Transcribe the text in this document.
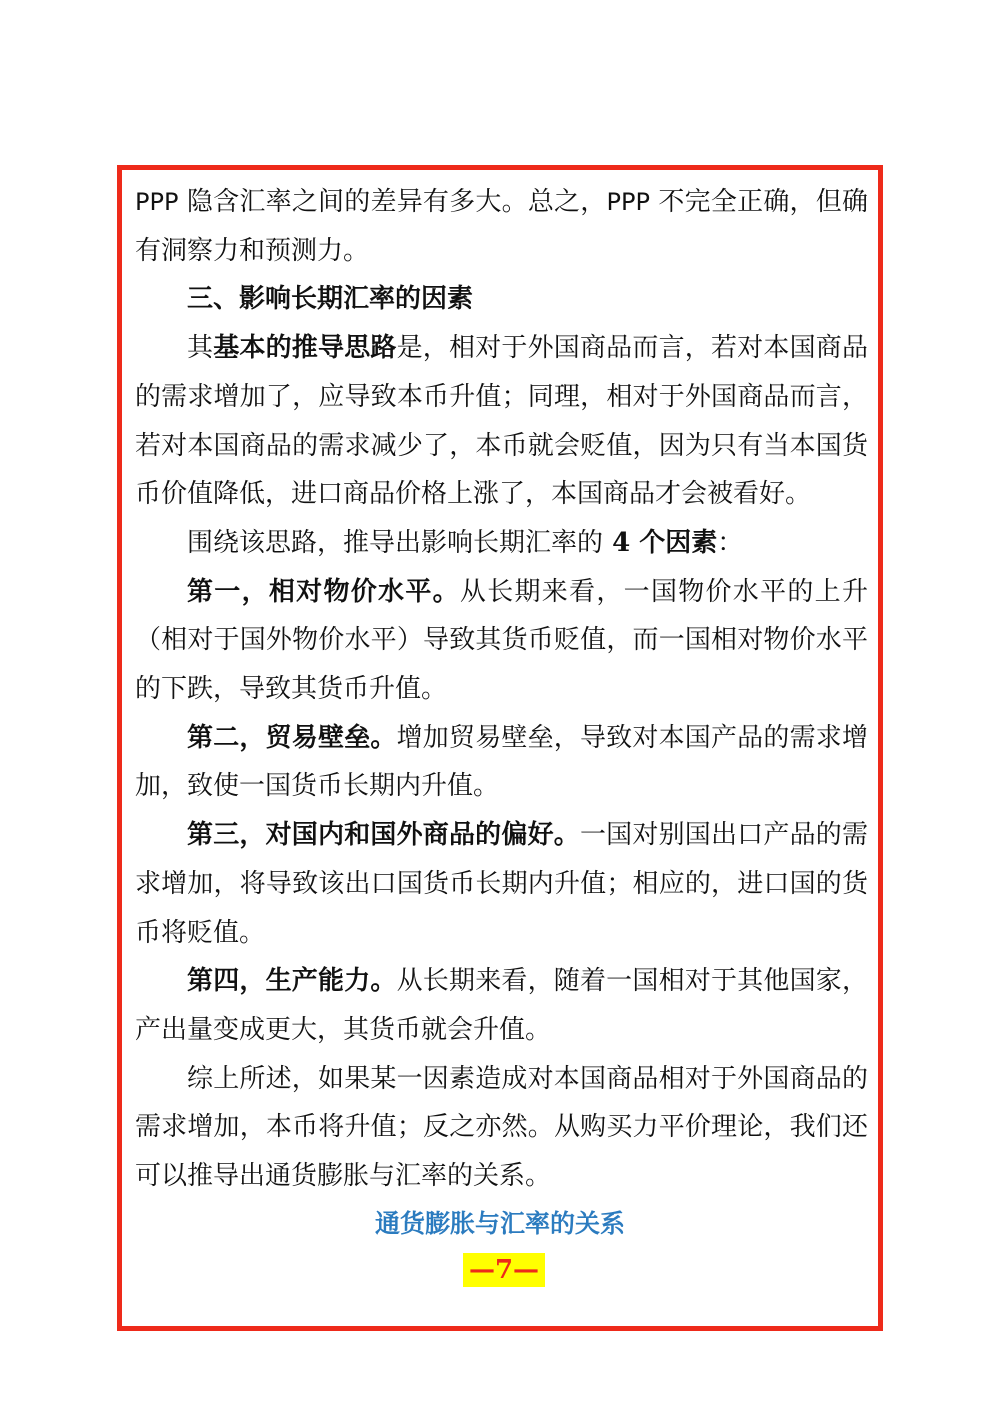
PPP 隐含汇率之间的差异有多大。总之，PPP 不完全正确，但确有洞察力和预测力。

三、影响长期汇率的因素

其基本的推导思路是，相对于外国商品而言，若对本国商品的需求增加了，应导致本币升值；同理，相对于外国商品而言，若对本国商品的需求减少了，本币就会贬值，因为只有当本国货币价值降低，进口商品价格上涨了，本国商品才会被看好。

围绕该思路，推导出影响长期汇率的 4 个因素：

第一，相对物价水平。从长期来看，一国物价水平的上升（相对于国外物价水平）导致其货币贬值，而一国相对物价水平的下跌，导致其货币升值。

第二，贸易壁垒。增加贸易壁垒，导致对本国产品的需求增加，致使一国货币长期内升值。

第三，对国内和国外商品的偏好。一国对别国出口产品的需求增加，将导致该出口国货币长期内升值；相应的，进口国的货币将贬值。

第四，生产能力。从长期来看，随着一国相对于其他国家，产出量变成更大，其货币就会升值。

综上所述，如果某一因素造成对本国商品相对于外国商品的需求增加，本币将升值；反之亦然。从购买力平价理论，我们还可以推导出通货膨胀与汇率的关系。

通货膨胀与汇率的关系
—7—
